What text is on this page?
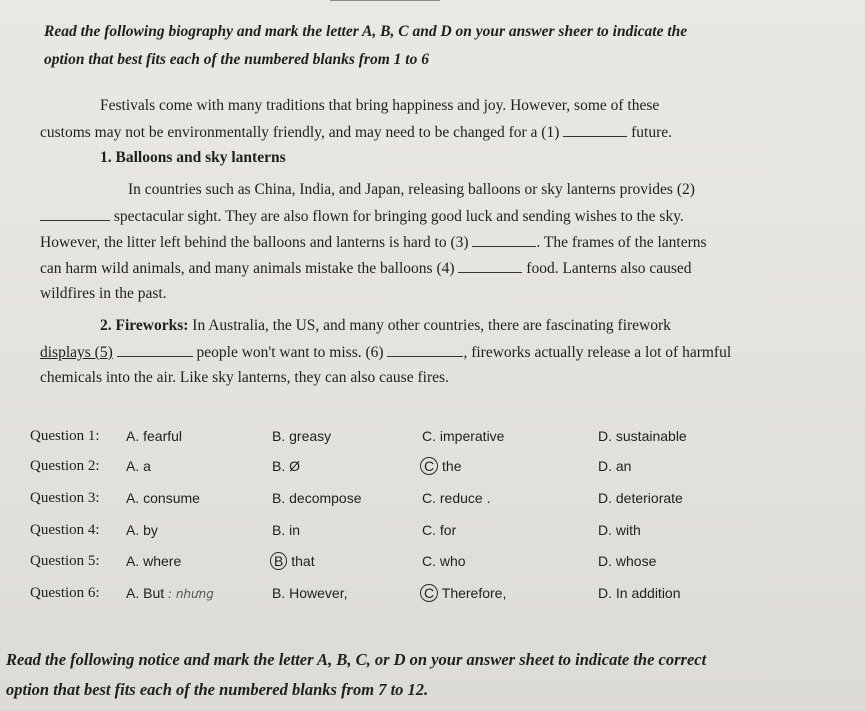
Read the following biography and mark the letter A, B, C and D on your answer sheer to indicate the
option that best fits each of the numbered blanks from 1 to 6
Festivals come with many traditions that bring happiness and joy. However, some of these
customs may not be environmentally friendly, and may need to be changed for a (1)	future.
1. Balloons and sky lanterns
In countries such as China, India, and Japan, releasing balloons or sky lanterns provides (2)
spectacular sight. They are also flown for bringing good luck and sending wishes to the sky.
However, the litter left behind the balloons and lanterns is hard to (3)	. The frames of the lanterns
can harm wild animals, and many animals mistake the balloons (4)	food. Lanterns also caused
wildfires in the past.
2. Fireworks: In Australia, the US, and many other countries, there are fascinating firework
displays (5)	people won't want to miss. (6)	, fireworks actually release a lot of harmful
chemicals into the air. Like sky lanterns, they can also cause fires.
Question 1: A. fearful	B. greasy	C. imperative	D. sustainable
Question 2: A. a	B. Ø	C the	D. an
Question 3: A. consume	B. decompose	C. reduce .	D. deteriorate
Question 4: A. by	B. in	C. for	D. with
Question 5: A. where	B that	C. who	D. whose
Question 6: A. But : nhưng	B. However,	C Therefore,	D. In addition
Read the following notice and mark the letter A, B, C, or D on your answer sheet to indicate the correct
option that best fits each of the numbered blanks from 7 to 12.
